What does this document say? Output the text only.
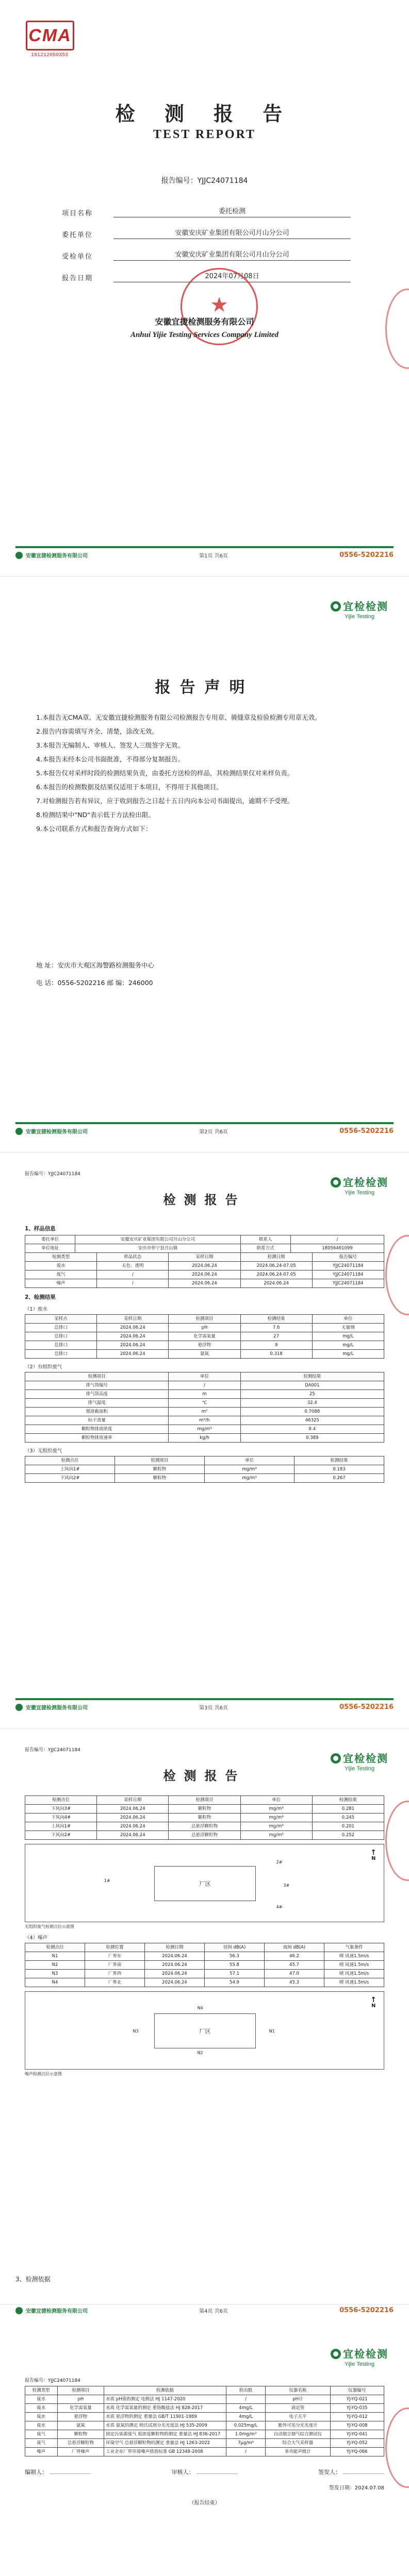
CMA
181212050353
检 测 报 告
TEST REPORT
报告编号：YJJC24071184
项目名称	委托检测
委托单位	安徽安庆矿业集团有限公司月山分公司
受检单位	安徽安庆矿业集团有限公司月山分公司
报告日期	2024年07月08日
★
安徽宜捷检测服务有限公司
Anhui Yijie Testing Services Company Limited
安徽宜捷检测服务有限公司	第1页 共6页	0556-5202216
宜检检测
Yijie Testing
报告声明

1.本报告无CMA章、无安徽宜捷检测服务有限公司检测报告专用章、骑缝章及检验检测专用章无效。

2.报告内容需填写齐全、清楚，涂改无效。

3.本报告无编制人、审核人、签发人三级签字无效。

4.本报告未经本公司书面批准，不得部分复制报告。

5.本报告仅对采样时段的检测结果负责，由委托方送检的样品，其检测结果仅对来样负责。

6.本报告的检测数据及结果仅适用于本项目，不得用于其他项目。

7.对检测报告若有异议，应于收到报告之日起十五日内向本公司书面提出，逾期不予受理。

8.检测结果中"ND"表示低于方法检出限。

9.本公司联系方式和报告查询方式如下：

地 址：安庆市大观区海警路检测服务中心
电 话：0556-5202216 邮 编：246000
安徽宜捷检测服务有限公司	第2页 共6页	0556-5202216
报告编号：YJJC24071184
宜检检测
Yijie Testing
检测报告
1、样品信息
委托单位	安徽安庆矿业集团有限公司月山分公司	联系人	/
单位地址	安庆市怀宁县月山镇	联系方式	18056461099
检测类型	样品状态	采样日期	检测日期	报告编号
废水	无色、透明	2024.06.24	2024.06.24-07.05	YJJC24071184
废气	/	2024.06.24	2024.06.24-07.05	YJJC24071184
噪声	/	2024.06.24	2024.06.24	YJJC24071184
2、检测结果
（1）废水
采样点	采样日期	检测项目	检测结果	单位
总排口	2024.06.24	pH	7.6	无量纲
总排口	2024.06.24	化学需氧量	27	mg/L
总排口	2024.06.24	悬浮物	9	mg/L
总排口	2024.06.24	氨氮	0.318	mg/L
（2）有组织废气
检测项目	单位	检测结果
排气筒编号	/	DA001
排气筒高度	m	25
排气温度	℃	32.4
烟道截面积	m²	0.7088
标干流量	m³/h	46325
颗粒物排放浓度	mg/m³	8.4
颗粒物排放速率	kg/h	0.389
（3）无组织废气
检测点位	检测项目	单位	检测结果
上风向1#	颗粒物	mg/m³	0.183
下风向2#	颗粒物	mg/m³	0.267
安徽宜捷检测服务有限公司	第3页 共6页	0556-5202216
报告编号：YJJC24071184
宜检检测
Yijie Testing
检测报告
检测点位	采样日期	检测项目	单位	检测结果
下风向3#	2024.06.24	颗粒物	mg/m³	0.281
下风向4#	2024.06.24	颗粒物	mg/m³	0.245
上风向1#	2024.06.24	总悬浮颗粒物	mg/m³	0.201
下风向2#	2024.06.24	总悬浮颗粒物	mg/m³	0.252
↑
N
厂区
1#
2#
3#
4#
无组织废气检测点位示意图
（4）噪声
检测点位	检测位置	检测日期	昼间 dB(A)	夜间 dB(A)	气象条件
N1	厂界东	2024.06.24	56.3	46.2	晴 风速1.5m/s
N2	厂界南	2024.06.24	55.8	45.7	晴 风速1.5m/s
N3	厂界西	2024.06.24	57.1	47.0	晴 风速1.5m/s
N4	厂界北	2024.06.24	54.9	45.3	晴 风速1.5m/s
↑
N
厂区	N1
N2
N3
N4
噪声检测点位示意图
3、检测依据
安徽宜捷检测服务有限公司	第4页 共6页	0556-5202216
宜检检测
Yijie Testing
报告编号：YJJC24071184
检测类型	检测项目	检测依据	检出限	仪器名称	仪器编号
废水	pH	水质 pH值的测定 电极法 HJ 1147-2020	/	pH计	YJ-YQ-021
废水	化学需氧量	水质 化学需氧量的测定 重铬酸盐法 HJ 828-2017	4mg/L	滴定管	YJ-YQ-035
废水	悬浮物	水质 悬浮物的测定 重量法 GB/T 11901-1989	4mg/L	电子天平	YJ-YQ-012
废水	氨氮	水质 氨氮的测定 纳氏试剂分光光度法 HJ 535-2009	0.025mg/L	紫外可见分光光度计	YJ-YQ-008
废气	颗粒物	固定污染源废气 低浓度颗粒物的测定 重量法 HJ 836-2017	1.0mg/m³	自动烟尘烟气综合测试仪	YJ-YQ-041
废气	总悬浮颗粒物	环境空气 总悬浮颗粒物的测定 重量法 HJ 1263-2022	7μg/m³	综合大气采样器	YJ-YQ-052
噪声	厂界噪声	工业企业厂界环境噪声排放标准 GB 12348-2008	/	多功能声级计	YJ-YQ-066
编制人：	审核人：	签发人：
签发日期：2024.07.08
（报告结束）
